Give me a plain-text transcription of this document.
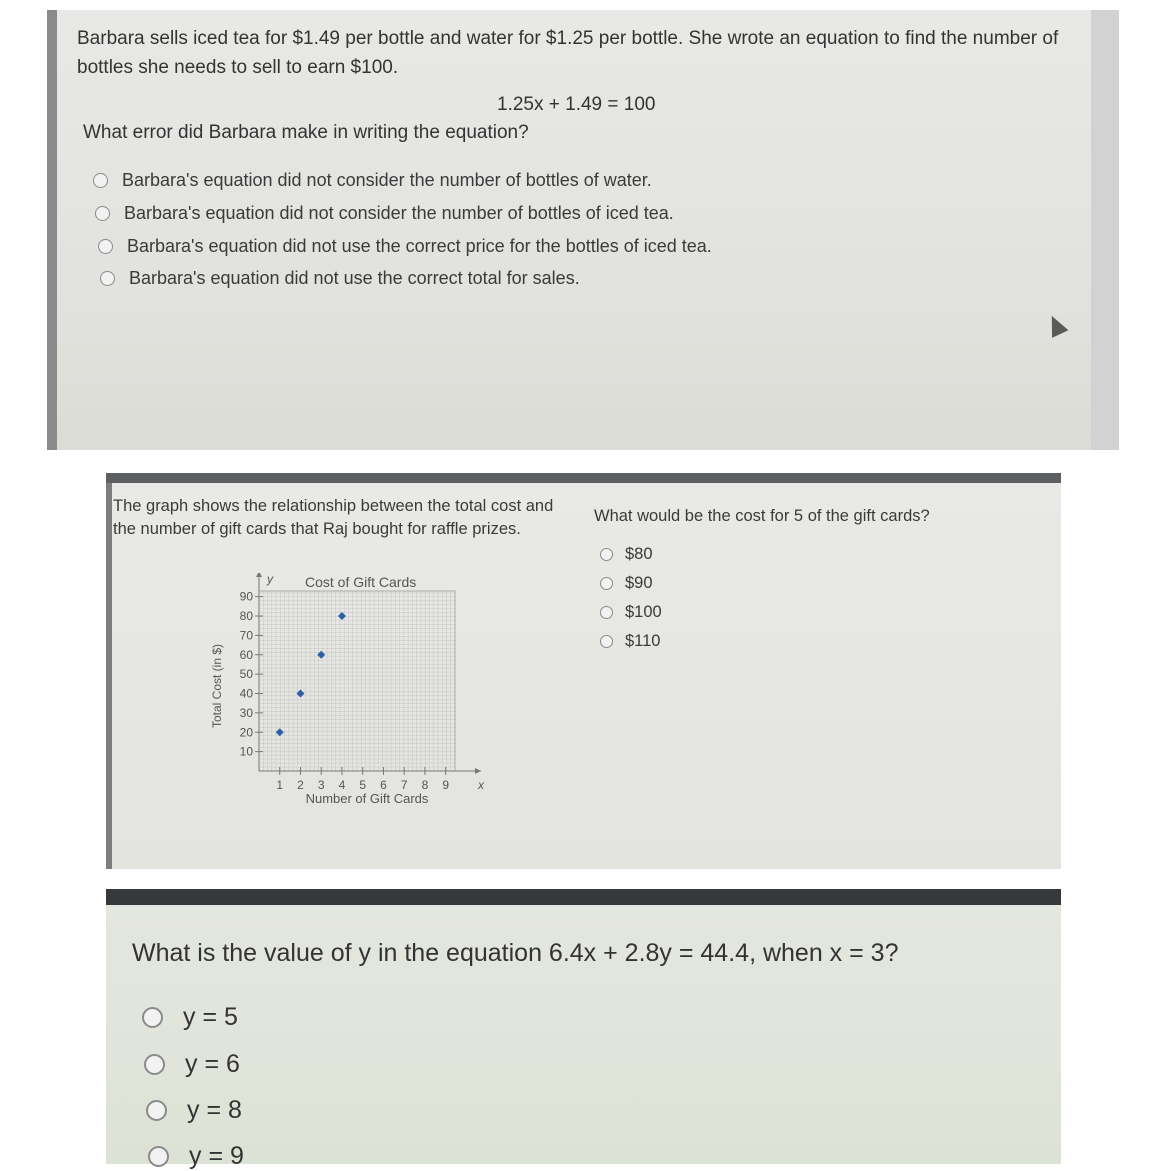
Barbara sells iced tea for $1.49 per bottle and water for $1.25 per bottle. She wrote an equation to find the number of bottles she needs to sell to earn $100.
1.25x + 1.49 = 100
What error did Barbara make in writing the equation?
Barbara's equation did not consider the number of bottles of water.
Barbara's equation did not consider the number of bottles of iced tea.
Barbara's equation did not use the correct price for the bottles of iced tea.
Barbara's equation did not use the correct total for sales.
The graph shows the relationship between the total cost and the number of gift cards that Raj bought for raffle prizes.
What would be the cost for 5 of the gift cards?
$80
$90
$100
$110
1 2 3 4 5 6 7 8 9
10
20
30
40
50
60
70
80
90
x
y Cost of Gift Cards
Number of Gift Cards
Total Cost (in $)
What is the value of y in the equation 6.4x + 2.8y = 44.4, when x = 3?
y = 5
y = 6
y = 8
y = 9
